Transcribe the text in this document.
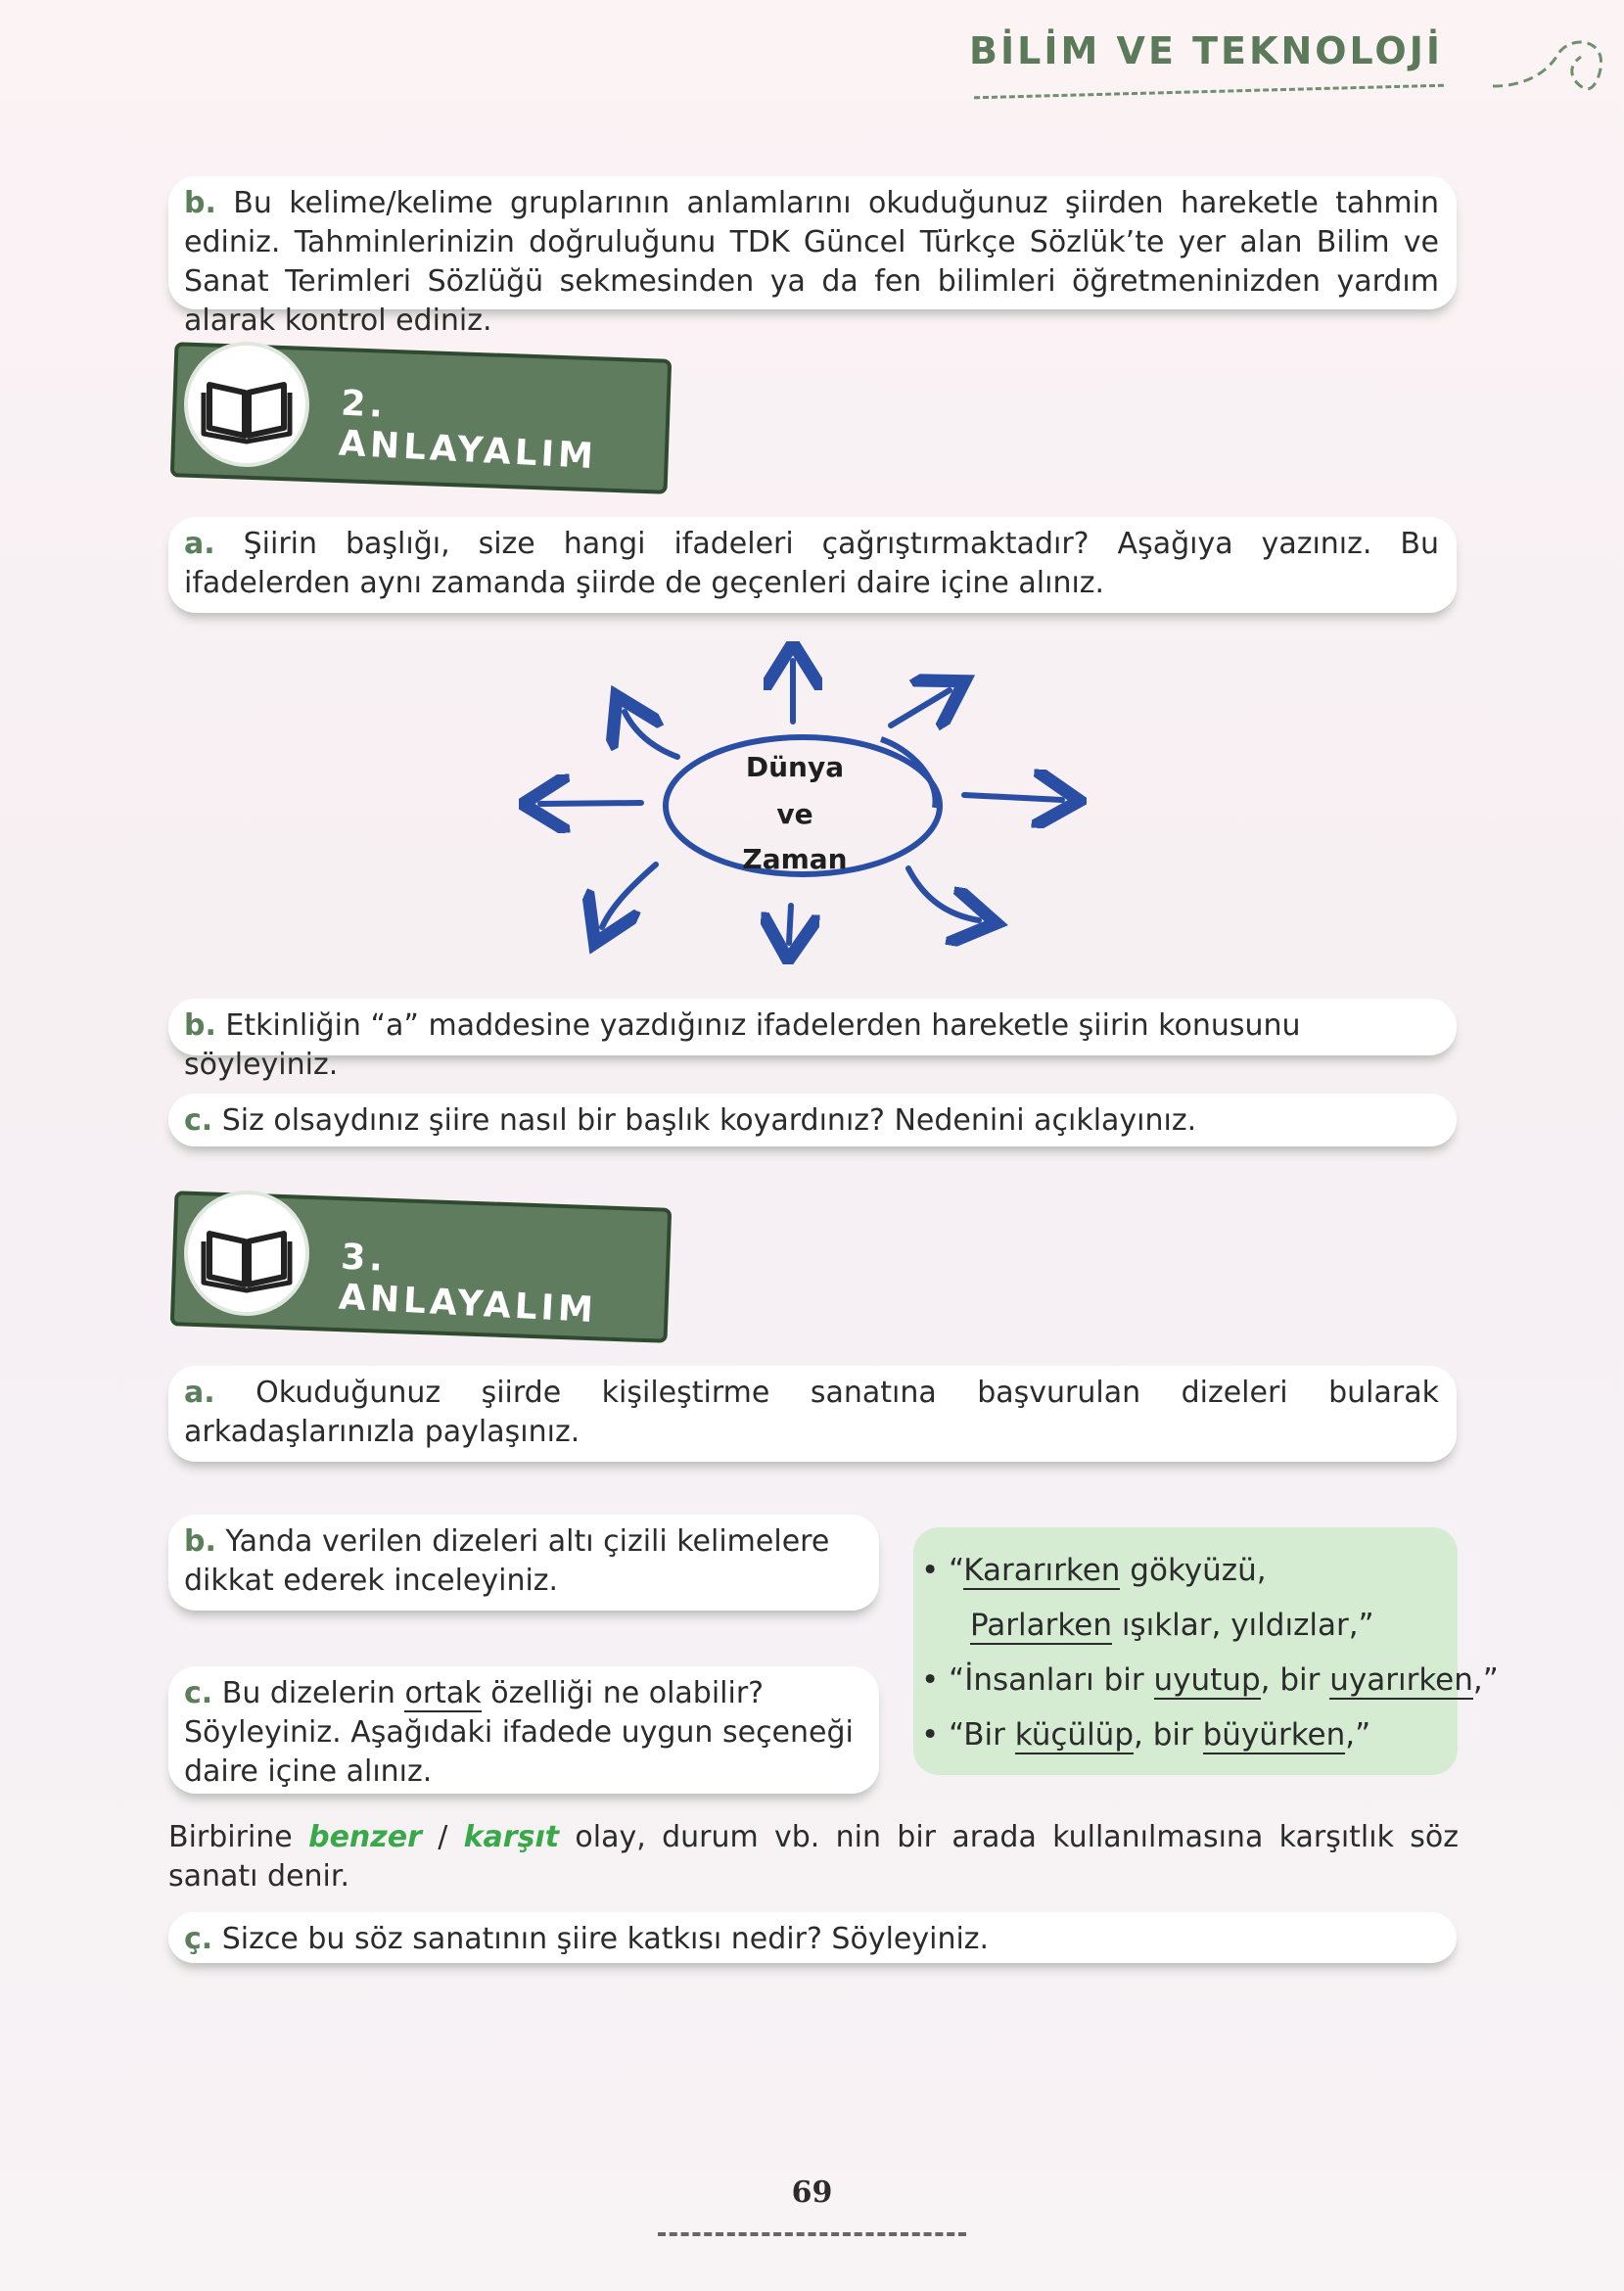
BİLİM VE TEKNOLOJİ
b. Bu kelime/kelime gruplarının anlamlarını okuduğunuz şiirden hareketle tahmin ediniz. Tahminlerinizin doğruluğunu TDK Güncel Türkçe Sözlük’te yer alan Bilim ve Sanat Terimleri Sözlüğü sekmesinden ya da fen bilimleri öğretmeninizden yardım alarak kontrol ediniz.
2. ANLAYALIM
a. Şiirin başlığı, size hangi ifadeleri çağrıştırmaktadır? Aşağıya yazınız. Bu ifadelerden aynı zamanda şiirde de geçenleri daire içine alınız.
Dünya
ve
Zaman
b. Etkinliğin “a” maddesine yazdığınız ifadelerden hareketle şiirin konusunu söyleyiniz.
c. Siz olsaydınız şiire nasıl bir başlık koyardınız? Nedenini açıklayınız.
3. ANLAYALIM
a. Okuduğunuz şiirde kişileştirme sanatına başvurulan dizeleri bularak arkadaşlarınızla paylaşınız.
b. Yanda verilen dizeleri altı çizili kelimelere dikkat ederek inceleyiniz.
c. Bu dizelerin ortak özelliği ne olabilir? Söyleyiniz. Aşağıdaki ifadede uygun seçeneği daire içine alınız.
• “Kararırken gökyüzü,
Parlarken ışıklar, yıldızlar,”
• “İnsanları bir uyutup, bir uyarırken,”
• “Bir küçülüp, bir büyürken,”
Birbirine benzer / karşıt olay, durum vb. nin bir arada kullanılmasına karşıtlık söz sanatı denir.
ç. Sizce bu söz sanatının şiire katkısı nedir? Söyleyiniz.
69
